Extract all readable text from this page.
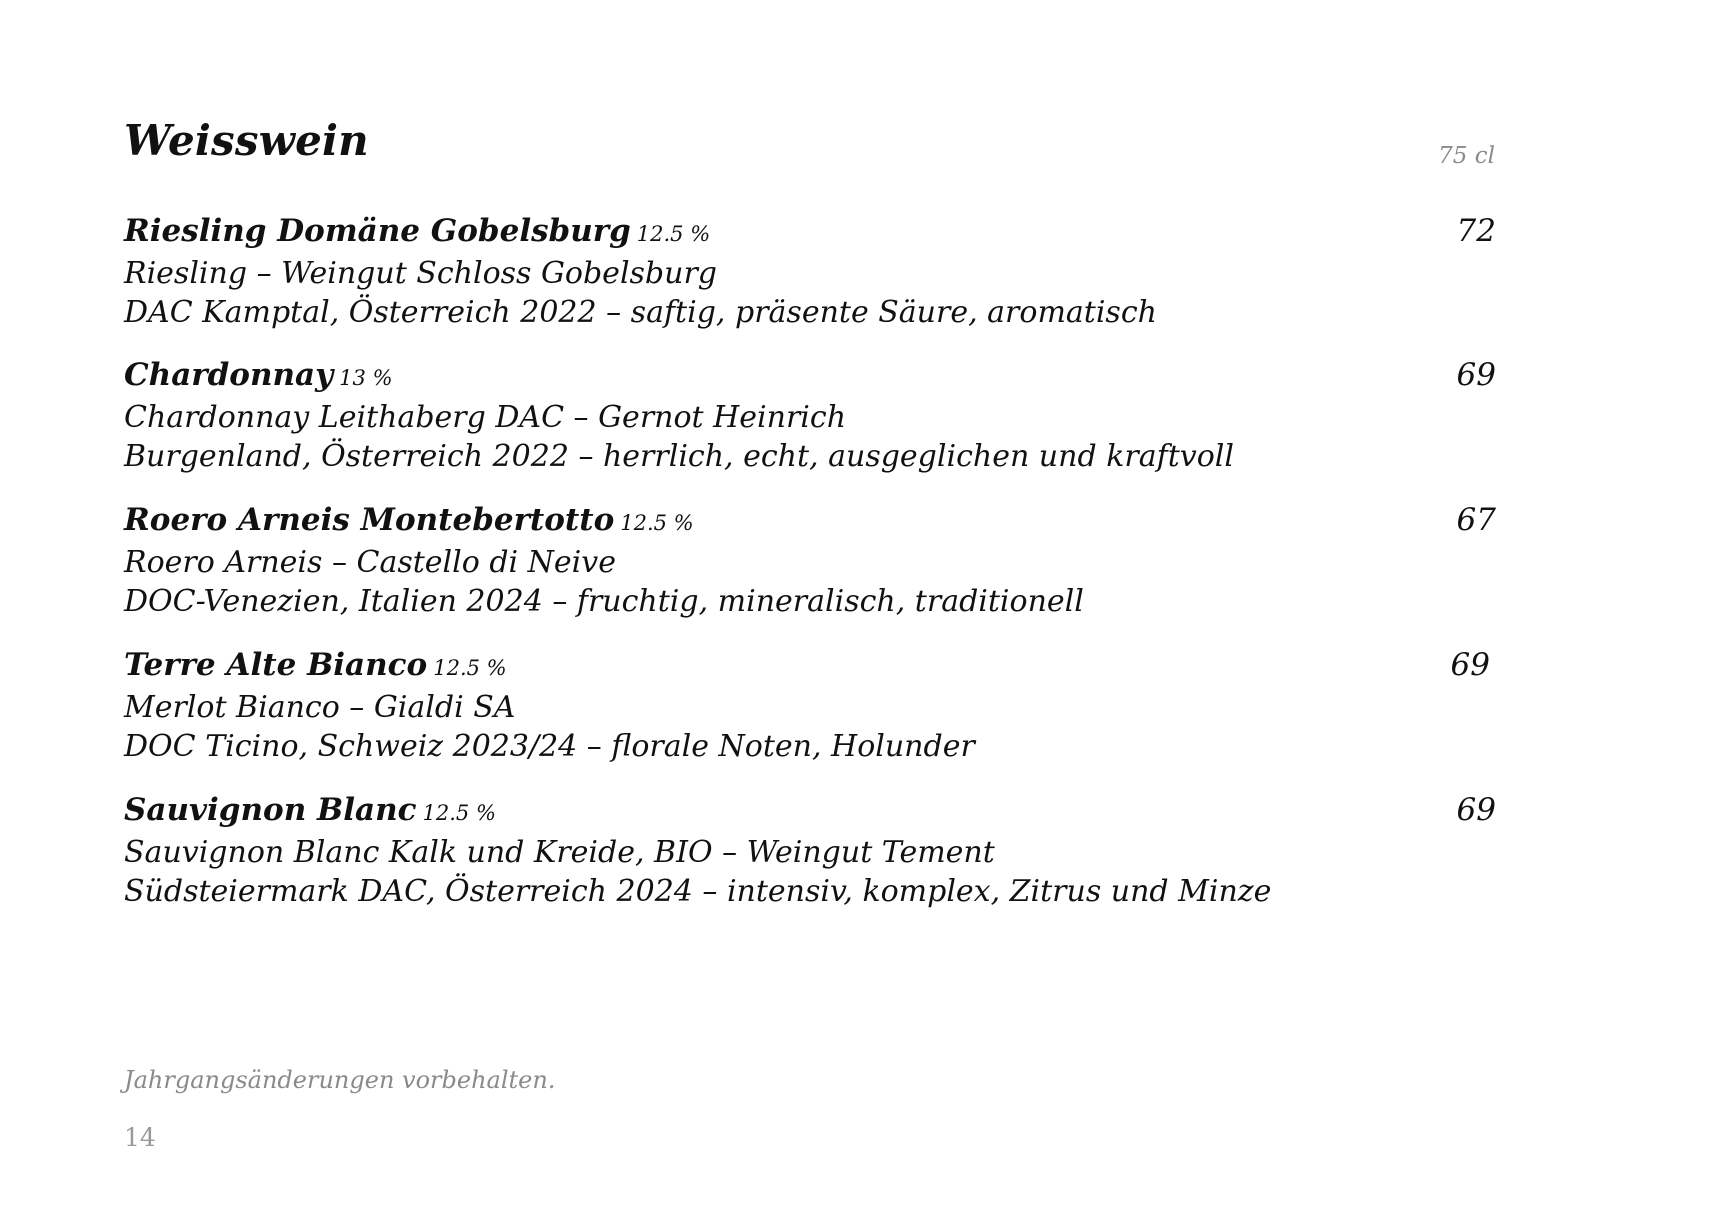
Weisswein	75 cl
Riesling Domäne Gobelsburg 12.5 %
Riesling – Weingut Schloss Gobelsburg
DAC Kamptal, Österreich 2022 – saftig, präsente Säure, aromatisch
72
Chardonnay 13 %
Chardonnay Leithaberg DAC – Gernot Heinrich
Burgenland, Österreich 2022 – herrlich, echt, ausgeglichen und kraftvoll
69
Roero Arneis Montebertotto 12.5 %
Roero Arneis – Castello di Neive
DOC-Venezien, Italien 2024 – fruchtig, mineralisch, traditionell
67
Terre Alte Bianco 12.5 %
Merlot Bianco – Gialdi SA
DOC Ticino, Schweiz 2023/24 – florale Noten, Holunder
69
Sauvignon Blanc 12.5 %
Sauvignon Blanc Kalk und Kreide, BIO – Weingut Tement
Südsteiermark DAC, Österreich 2024 – intensiv, komplex, Zitrus und Minze
69
Jahrgangsänderungen vorbehalten.
14
